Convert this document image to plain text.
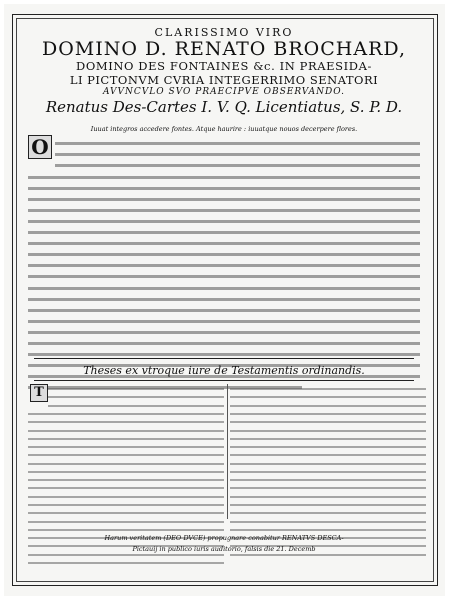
CLARISSIMO VIRO
DOMINO D. RENATO BROCHARD,
DOMINO DES FONTAINES &c. IN PRAESIDA-
LI PICTONVM CVRIA INTEGERRIMO SENATORI
AVVNCVLO SVO PRAECIPVE OBSERVANDO.
Renatus Des-Cartes I. V. Q. Licentiatus, S. P. D.
Iuuat integros accedere fontes. Atque haurire : iuuatque nouos decerpere flores.
O
Theses ex vtroque iure de Testamentis ordinandis.
T
Harum veritatem (DEO DVCE) propugnare conabitur RENATVS DESCA-
Pictauij in publico iuris auditorio, falsis die 21. Decemb
